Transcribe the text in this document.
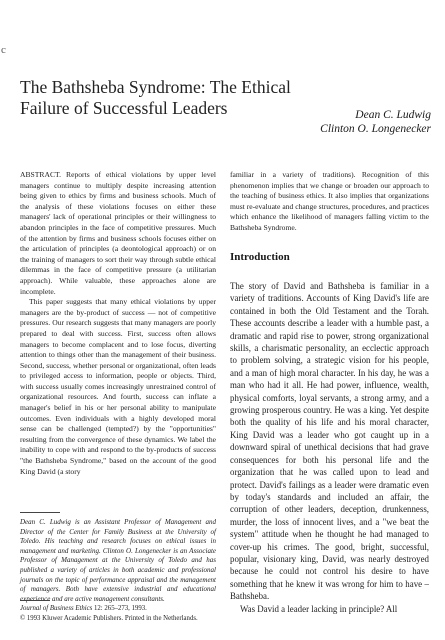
c
The Bathsheba Syndrome: The Ethical Failure of Successful Leaders	Dean C. Ludwig
Clinton O. Longenecker

ABSTRACT. Reports of ethical violations by upper level managers continue to multiply despite increasing attention being given to ethics by firms and business schools. Much of the analysis of these violations focuses on either these managers' lack of operational principles or their willingness to abandon principles in the face of competitive pressures. Much of the attention by firms and business schools focuses either on the articulation of principles (a deontological approach) or on the training of managers to sort their way through subtle ethical dilemmas in the face of competitive pressure (a utilitarian approach). While valuable, these approaches alone are incomplete.

This paper suggests that many ethical violations by upper managers are the by-product of success — not of competitive pressures. Our research suggests that many managers are poorly prepared to deal with success. First, success often allows managers to become complacent and to lose focus, diverting attention to things other than the management of their business. Second, success, whether personal or organizational, often leads to privileged access to information, people or objects. Third, with success usually comes increasingly unrestrained control of organizational resources. And fourth, success can inflate a manager's belief in his or her personal ability to manipulate outcomes. Even individuals with a highly developed moral sense can be challenged (tempted?) by the "opportunities" resulting from the convergence of these dynamics. We label the inability to cope with and respond to the by-products of success "the Bathsheba Syndrome," based on the account of the good King David (a story

familiar in a variety of traditions). Recognition of this phenomenon implies that we change or broaden our approach to the teaching of business ethics. It also implies that organizations must re-evaluate and change structures, procedures, and practices which enhance the likelihood of managers falling victim to the Bathsheba Syndrome.

Introduction

The story of David and Bathsheba is familiar in a variety of traditions. Accounts of King David's life are contained in both the Old Testament and the Torah. These accounts describe a leader with a humble past, a dramatic and rapid rise to power, strong organizational skills, a charismatic personality, an ecclectic approach to problem solving, a strategic vision for his people, and a man of high moral character. In his day, he was a man who had it all. He had power, influence, wealth, physical comforts, loyal servants, a strong army, and a growing prosperous country. He was a king. Yet despite both the quality of his life and his moral character, King David was a leader who got caught up in a downward spiral of unethical decisions that had grave consequences for both his personal life and the organization that he was called upon to lead and protect. David's failings as a leader were dramatic even by today's standards and included an affair, the corruption of other leaders, deception, drunkenness, murder, the loss of innocent lives, and a "we beat the system" attitude when he thought he had managed to cover-up his crimes. The good, bright, successful, popular, visionary king, David, was nearly destroyed because he could not control his desire to have something that he knew it was wrong for him to have – Bathsheba.

Was David a leader lacking in principle? All

Dean C. Ludwig is an Assistant Professor of Management and Director of the Center for Family Business at the University of Toledo. His teaching and research focuses on ethical issues in management and marketing. Clinton O. Longenecker is an Associate Professor of Management at the University of Toledo and has published a variety of articles in both academic and professional journals on the topic of performance appraisal and the management of managers. Both have extensive industrial and educational experience and are active management consultants.
Journal of Business Ethics 12: 265–273, 1993.
© 1993 Kluwer Academic Publishers. Printed in the Netherlands.
